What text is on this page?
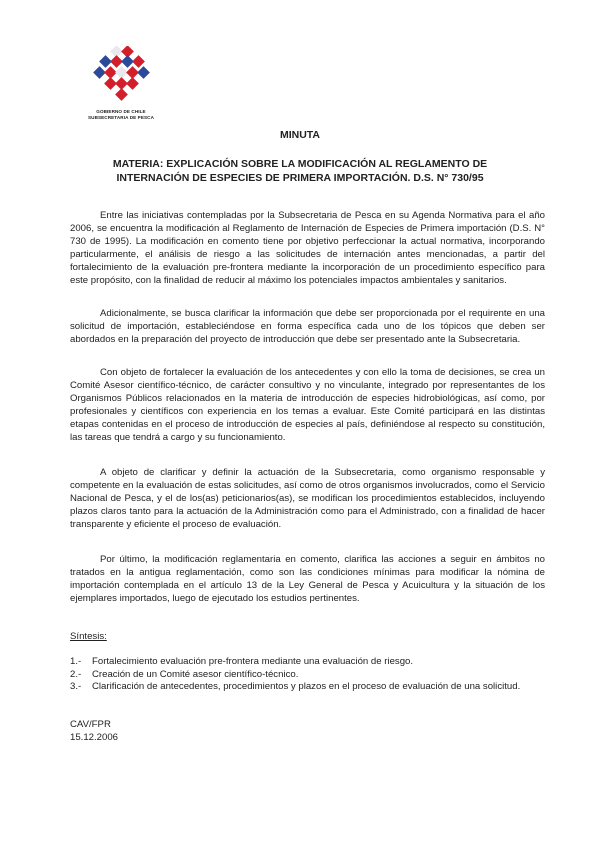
GOBIERNO DE CHILE
SUBSECRETARIA DE PESCA
MINUTA
MATERIA: EXPLICACIÓN SOBRE LA MODIFICACIÓN AL REGLAMENTO DE
INTERNACIÓN DE ESPECIES DE PRIMERA IMPORTACIÓN. D.S. N° 730/95

Entre las iniciativas contempladas por la Subsecretaria de Pesca en su Agenda Normativa para el año 2006, se encuentra la modificación al Reglamento de Internación de Especies de Primera importación (D.S. N° 730 de 1995). La modificación en comento tiene por objetivo perfeccionar la actual normativa, incorporando particularmente, el análisis de riesgo a las solicitudes de internación antes mencionadas, a partir del fortalecimiento de la evaluación pre-frontera mediante la incorporación de un procedimiento específico para este propósito, con la finalidad de reducir al máximo los potenciales impactos ambientales y sanitarios.

Adicionalmente, se busca clarificar la información que debe ser proporcionada por el requirente en una solicitud de importación, estableciéndose en forma específica cada uno de los tópicos que deben ser abordados en la preparación del proyecto de introducción que debe ser presentado ante la Subsecretaria.

Con objeto de fortalecer la evaluación de los antecedentes y con ello la toma de decisiones, se crea un Comité Asesor científico-técnico, de carácter consultivo y no vinculante, integrado por representantes de los Organismos Públicos relacionados en la materia de introducción de especies hidrobiológicas, así como, por profesionales y científicos con experiencia en los temas a evaluar. Este Comité participará en las distintas etapas contenidas en el proceso de introducción de especies al país, definiéndose al respecto su constitución, las tareas que tendrá a cargo y su funcionamiento.

A objeto de clarificar y definir la actuación de la Subsecretaria, como organismo responsable y competente en la evaluación de estas solicitudes, así como de otros organismos involucrados, como el Servicio Nacional de Pesca, y el de los(as) peticionarios(as), se modifican los procedimientos establecidos, incluyendo plazos claros tanto para la actuación de la Administración como para el Administrado, con a finalidad de hacer transparente y eficiente el proceso de evaluación.

Por último, la modificación reglamentaria en comento, clarifica las acciones a seguir en ámbitos no tratados en la antigua reglamentación, como son las condiciones mínimas para modificar la nómina de importación contemplada en el artículo 13 de la Ley General de Pesca y Acuicultura y la situación de los ejemplares importados, luego de ejecutado los estudios pertinentes.

Síntesis:
1.-	Fortalecimiento evaluación pre-frontera mediante una evaluación de riesgo.
2.-	Creación de un Comité asesor científico-técnico.
3.-	Clarificación de antecedentes, procedimientos y plazos en el proceso de evaluación de una solicitud.
CAV/FPR
15.12.2006
